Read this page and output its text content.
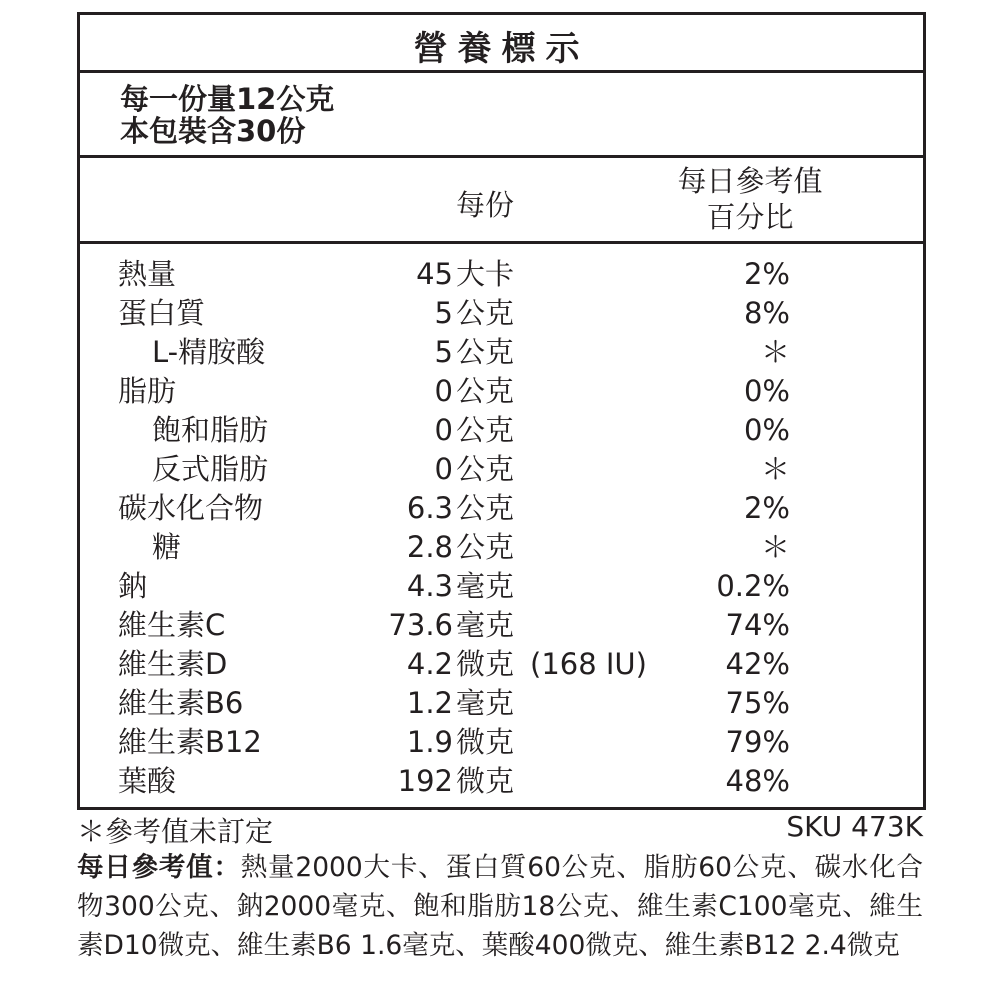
營養標示
每一份量12公克
本包裝含30份
每份
每日參考值
百分比
熱量	45 大卡	2%
蛋白質	5 公克	8%
L-精胺酸	5 公克	＊
脂肪	0 公克	0%
飽和脂肪	0 公克	0%
反式脂肪	0 公克	＊
碳水化合物	6.3 公克	2%
糖	2.8 公克	＊
鈉	4.3 毫克	0.2%
維生素C	73.6 毫克	74%
維生素D	4.2 微克 (168 IU)	42%
維生素B6	1.2 毫克	75%
維生素B12	1.9 微克	79%
葉酸	192 微克	48%
＊參考值未訂定	SKU 473K
每日參考值：熱量2000大卡、蛋白質60公克、脂肪60公克、碳水化合物300公克、鈉2000毫克、飽和脂肪18公克、維生素C100毫克、維生素D10微克、維生素B6 1.6毫克、葉酸400微克、維生素B12 2.4微克
